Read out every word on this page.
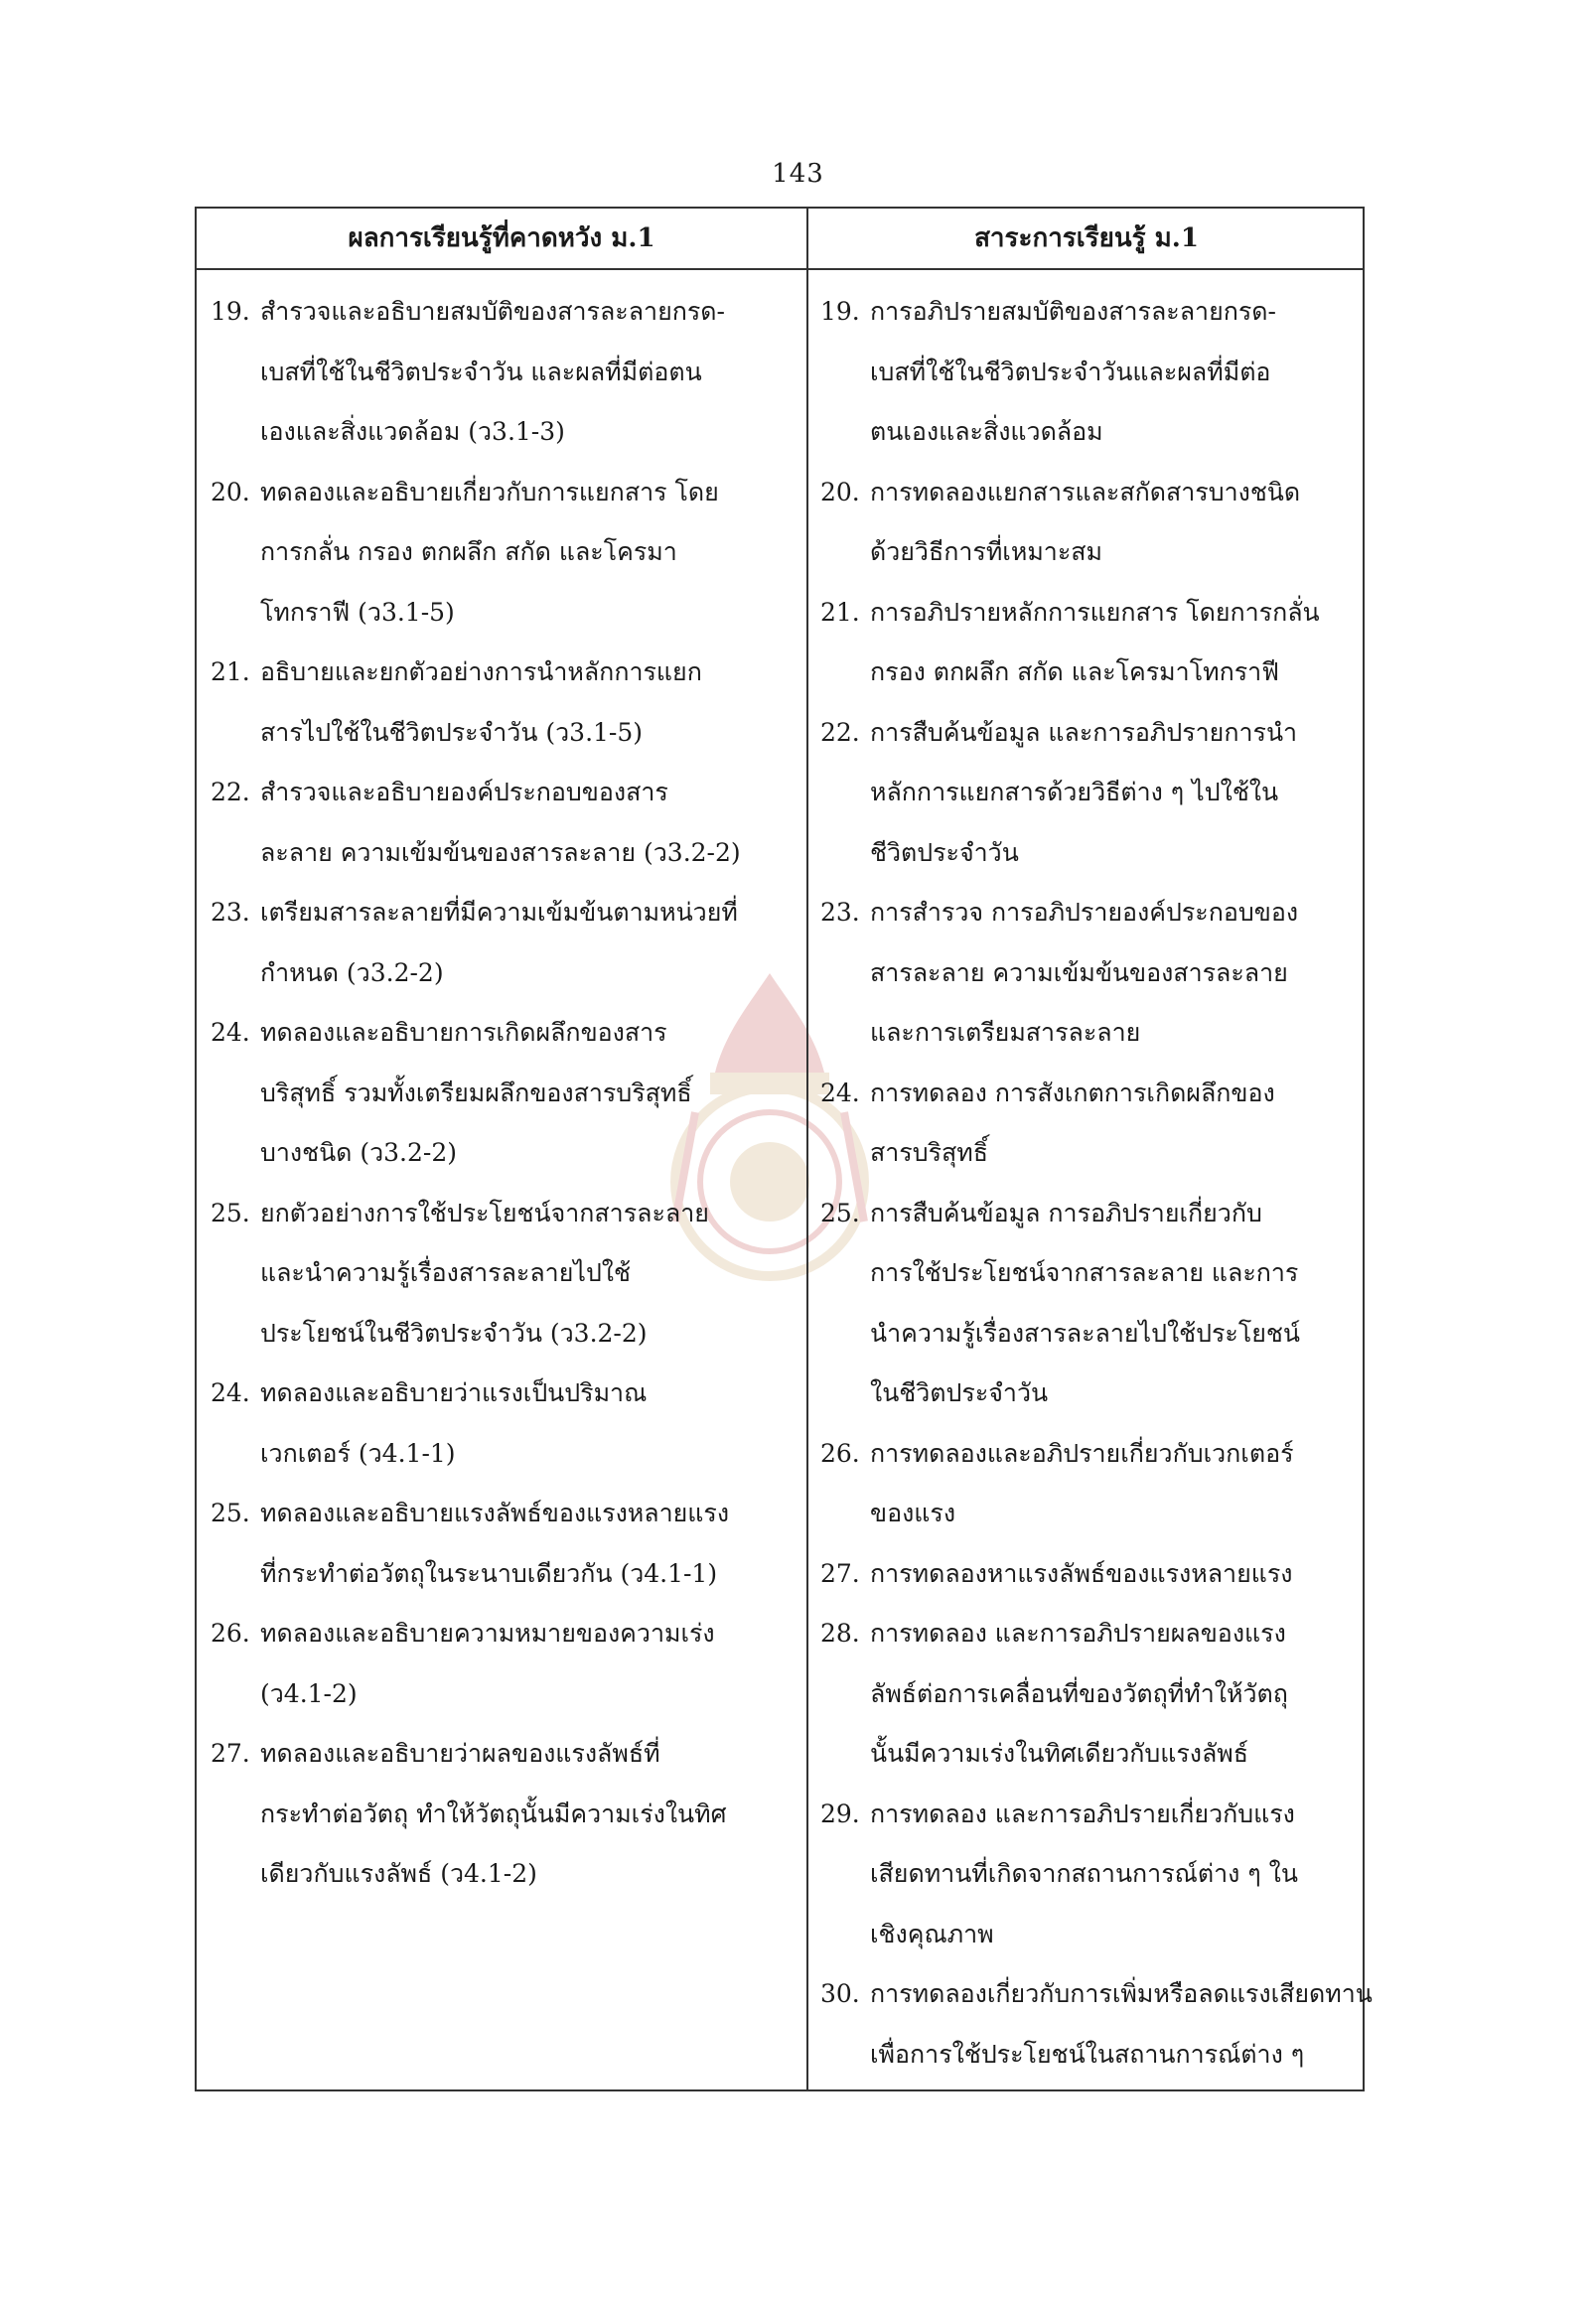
143
ผลการเรียนรู้ที่คาดหวัง ม.1	สาระการเรียนรู้ ม.1
19. สำรวจและอธิบายสมบัติของสารละลายกรด-
เบสที่ใช้ในชีวิตประจำวัน และผลที่มีต่อตน
เองและสิ่งแวดล้อม (ว3.1-3)
20. ทดลองและอธิบายเกี่ยวกับการแยกสาร โดย
การกลั่น กรอง ตกผลึก สกัด และโครมา
โทกราฟี (ว3.1-5)
21. อธิบายและยกตัวอย่างการนำหลักการแยก
สารไปใช้ในชีวิตประจำวัน (ว3.1-5)
22. สำรวจและอธิบายองค์ประกอบของสาร
ละลาย ความเข้มข้นของสารละลาย (ว3.2-2)
23. เตรียมสารละลายที่มีความเข้มข้นตามหน่วยที่
กำหนด (ว3.2-2)
24. ทดลองและอธิบายการเกิดผลึกของสาร
บริสุทธิ์ รวมทั้งเตรียมผลึกของสารบริสุทธิ์
บางชนิด (ว3.2-2)
25. ยกตัวอย่างการใช้ประโยชน์จากสารละลาย
และนำความรู้เรื่องสารละลายไปใช้
ประโยชน์ในชีวิตประจำวัน (ว3.2-2)
24. ทดลองและอธิบายว่าแรงเป็นปริมาณ
เวกเตอร์ (ว4.1-1)
25. ทดลองและอธิบายแรงลัพธ์ของแรงหลายแรง
ที่กระทำต่อวัตถุในระนาบเดียวกัน (ว4.1-1)
26. ทดลองและอธิบายความหมายของความเร่ง
(ว4.1-2)
27. ทดลองและอธิบายว่าผลของแรงลัพธ์ที่
กระทำต่อวัตถุ ทำให้วัตถุนั้นมีความเร่งในทิศ
เดียวกับแรงลัพธ์ (ว4.1-2)
19. การอภิปรายสมบัติของสารละลายกรด-
เบสที่ใช้ในชีวิตประจำวันและผลที่มีต่อ
ตนเองและสิ่งแวดล้อม
20. การทดลองแยกสารและสกัดสารบางชนิด
ด้วยวิธีการที่เหมาะสม
21. การอภิปรายหลักการแยกสาร โดยการกลั่น
กรอง ตกผลึก สกัด และโครมาโทกราฟี
22. การสืบค้นข้อมูล และการอภิปรายการนำ
หลักการแยกสารด้วยวิธีต่าง ๆ ไปใช้ใน
ชีวิตประจำวัน
23. การสำรวจ การอภิปรายองค์ประกอบของ
สารละลาย ความเข้มข้นของสารละลาย
และการเตรียมสารละลาย
24. การทดลอง การสังเกตการเกิดผลึกของ
สารบริสุทธิ์
25. การสืบค้นข้อมูล การอภิปรายเกี่ยวกับ
การใช้ประโยชน์จากสารละลาย และการ
นำความรู้เรื่องสารละลายไปใช้ประโยชน์
ในชีวิตประจำวัน
26. การทดลองและอภิปรายเกี่ยวกับเวกเตอร์
ของแรง
27. การทดลองหาแรงลัพธ์ของแรงหลายแรง
28. การทดลอง และการอภิปรายผลของแรง
ลัพธ์ต่อการเคลื่อนที่ของวัตถุที่ทำให้วัตถุ
นั้นมีความเร่งในทิศเดียวกับแรงลัพธ์
29. การทดลอง และการอภิปรายเกี่ยวกับแรง
เสียดทานที่เกิดจากสถานการณ์ต่าง ๆ ใน
เชิงคุณภาพ
30. การทดลองเกี่ยวกับการเพิ่มหรือลดแรงเสียดทาน
เพื่อการใช้ประโยชน์ในสถานการณ์ต่าง ๆ
